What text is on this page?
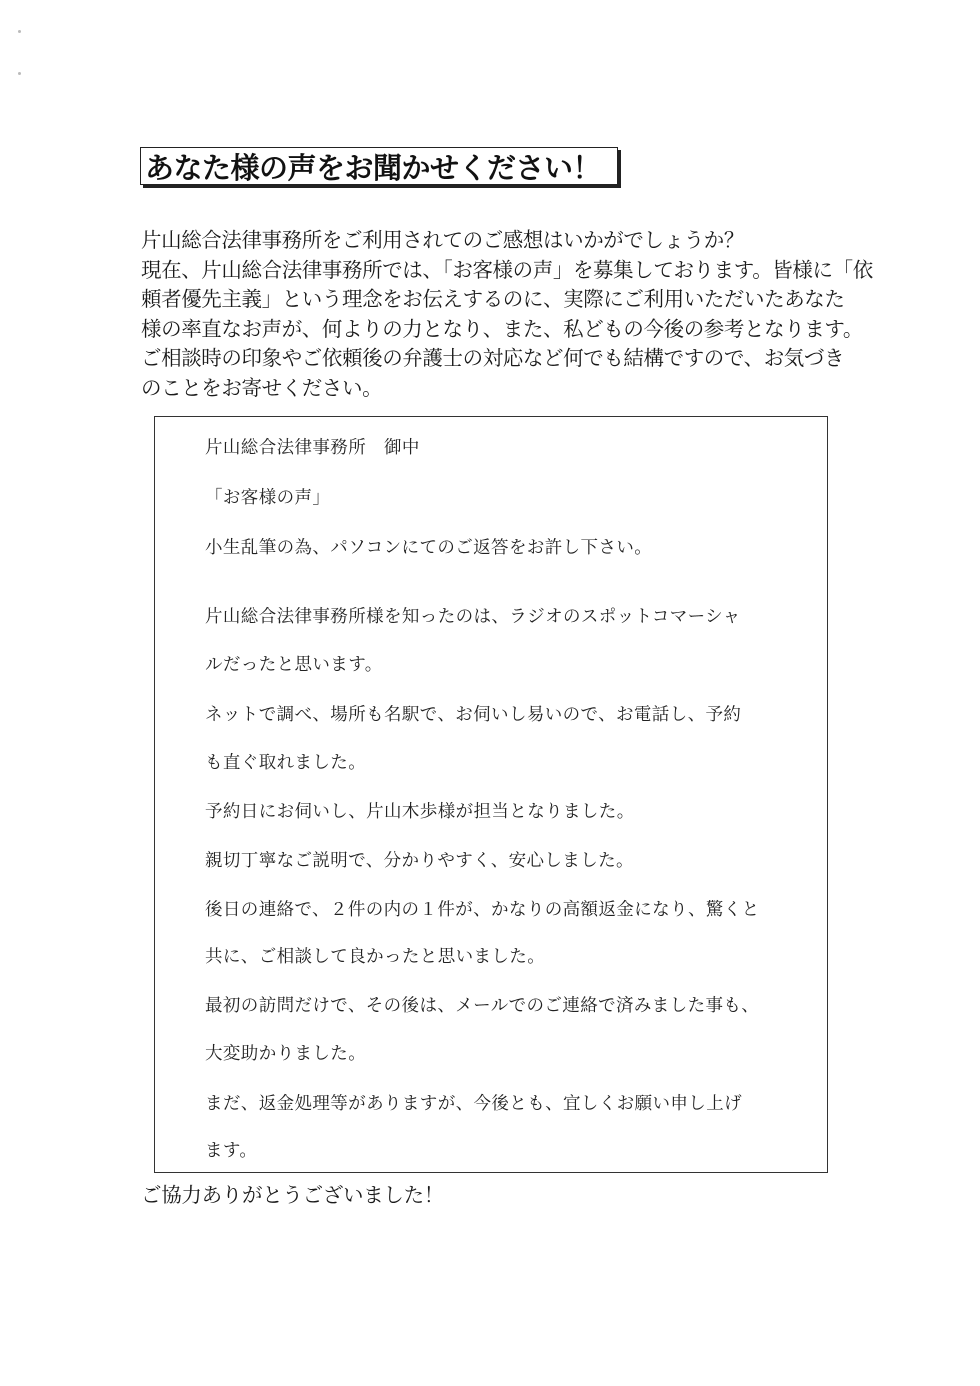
あなた様の声をお聞かせください！
片山総合法律事務所をご利用されてのご感想はいかがでしょうか？
現在、片山総合法律事務所では、「お客様の声」を募集しております。皆様に「依
頼者優先主義」という理念をお伝えするのに、実際にご利用いただいたあなた
様の率直なお声が、何よりの力となり、また、私どもの今後の参考となります。
ご相談時の印象やご依頼後の弁護士の対応など何でも結構ですので、お気づき
のことをお寄せください。
片山総合法律事務所　御中
「お客様の声」
小生乱筆の為、パソコンにてのご返答をお許し下さい。
片山総合法律事務所様を知ったのは、ラジオのスポットコマーシャ
ルだったと思います。
ネットで調べ、場所も名駅で、お伺いし易いので、お電話し、予約
も直ぐ取れました。
予約日にお伺いし、片山木歩様が担当となりました。
親切丁寧なご説明で、分かりやすく、安心しました。
後日の連絡で、２件の内の１件が、かなりの高額返金になり、驚くと
共に、ご相談して良かったと思いました。
最初の訪問だけで、その後は、メールでのご連絡で済みました事も、
大変助かりました。
まだ、返金処理等がありますが、今後とも、宜しくお願い申し上げ
ます。
ご協力ありがとうございました！
